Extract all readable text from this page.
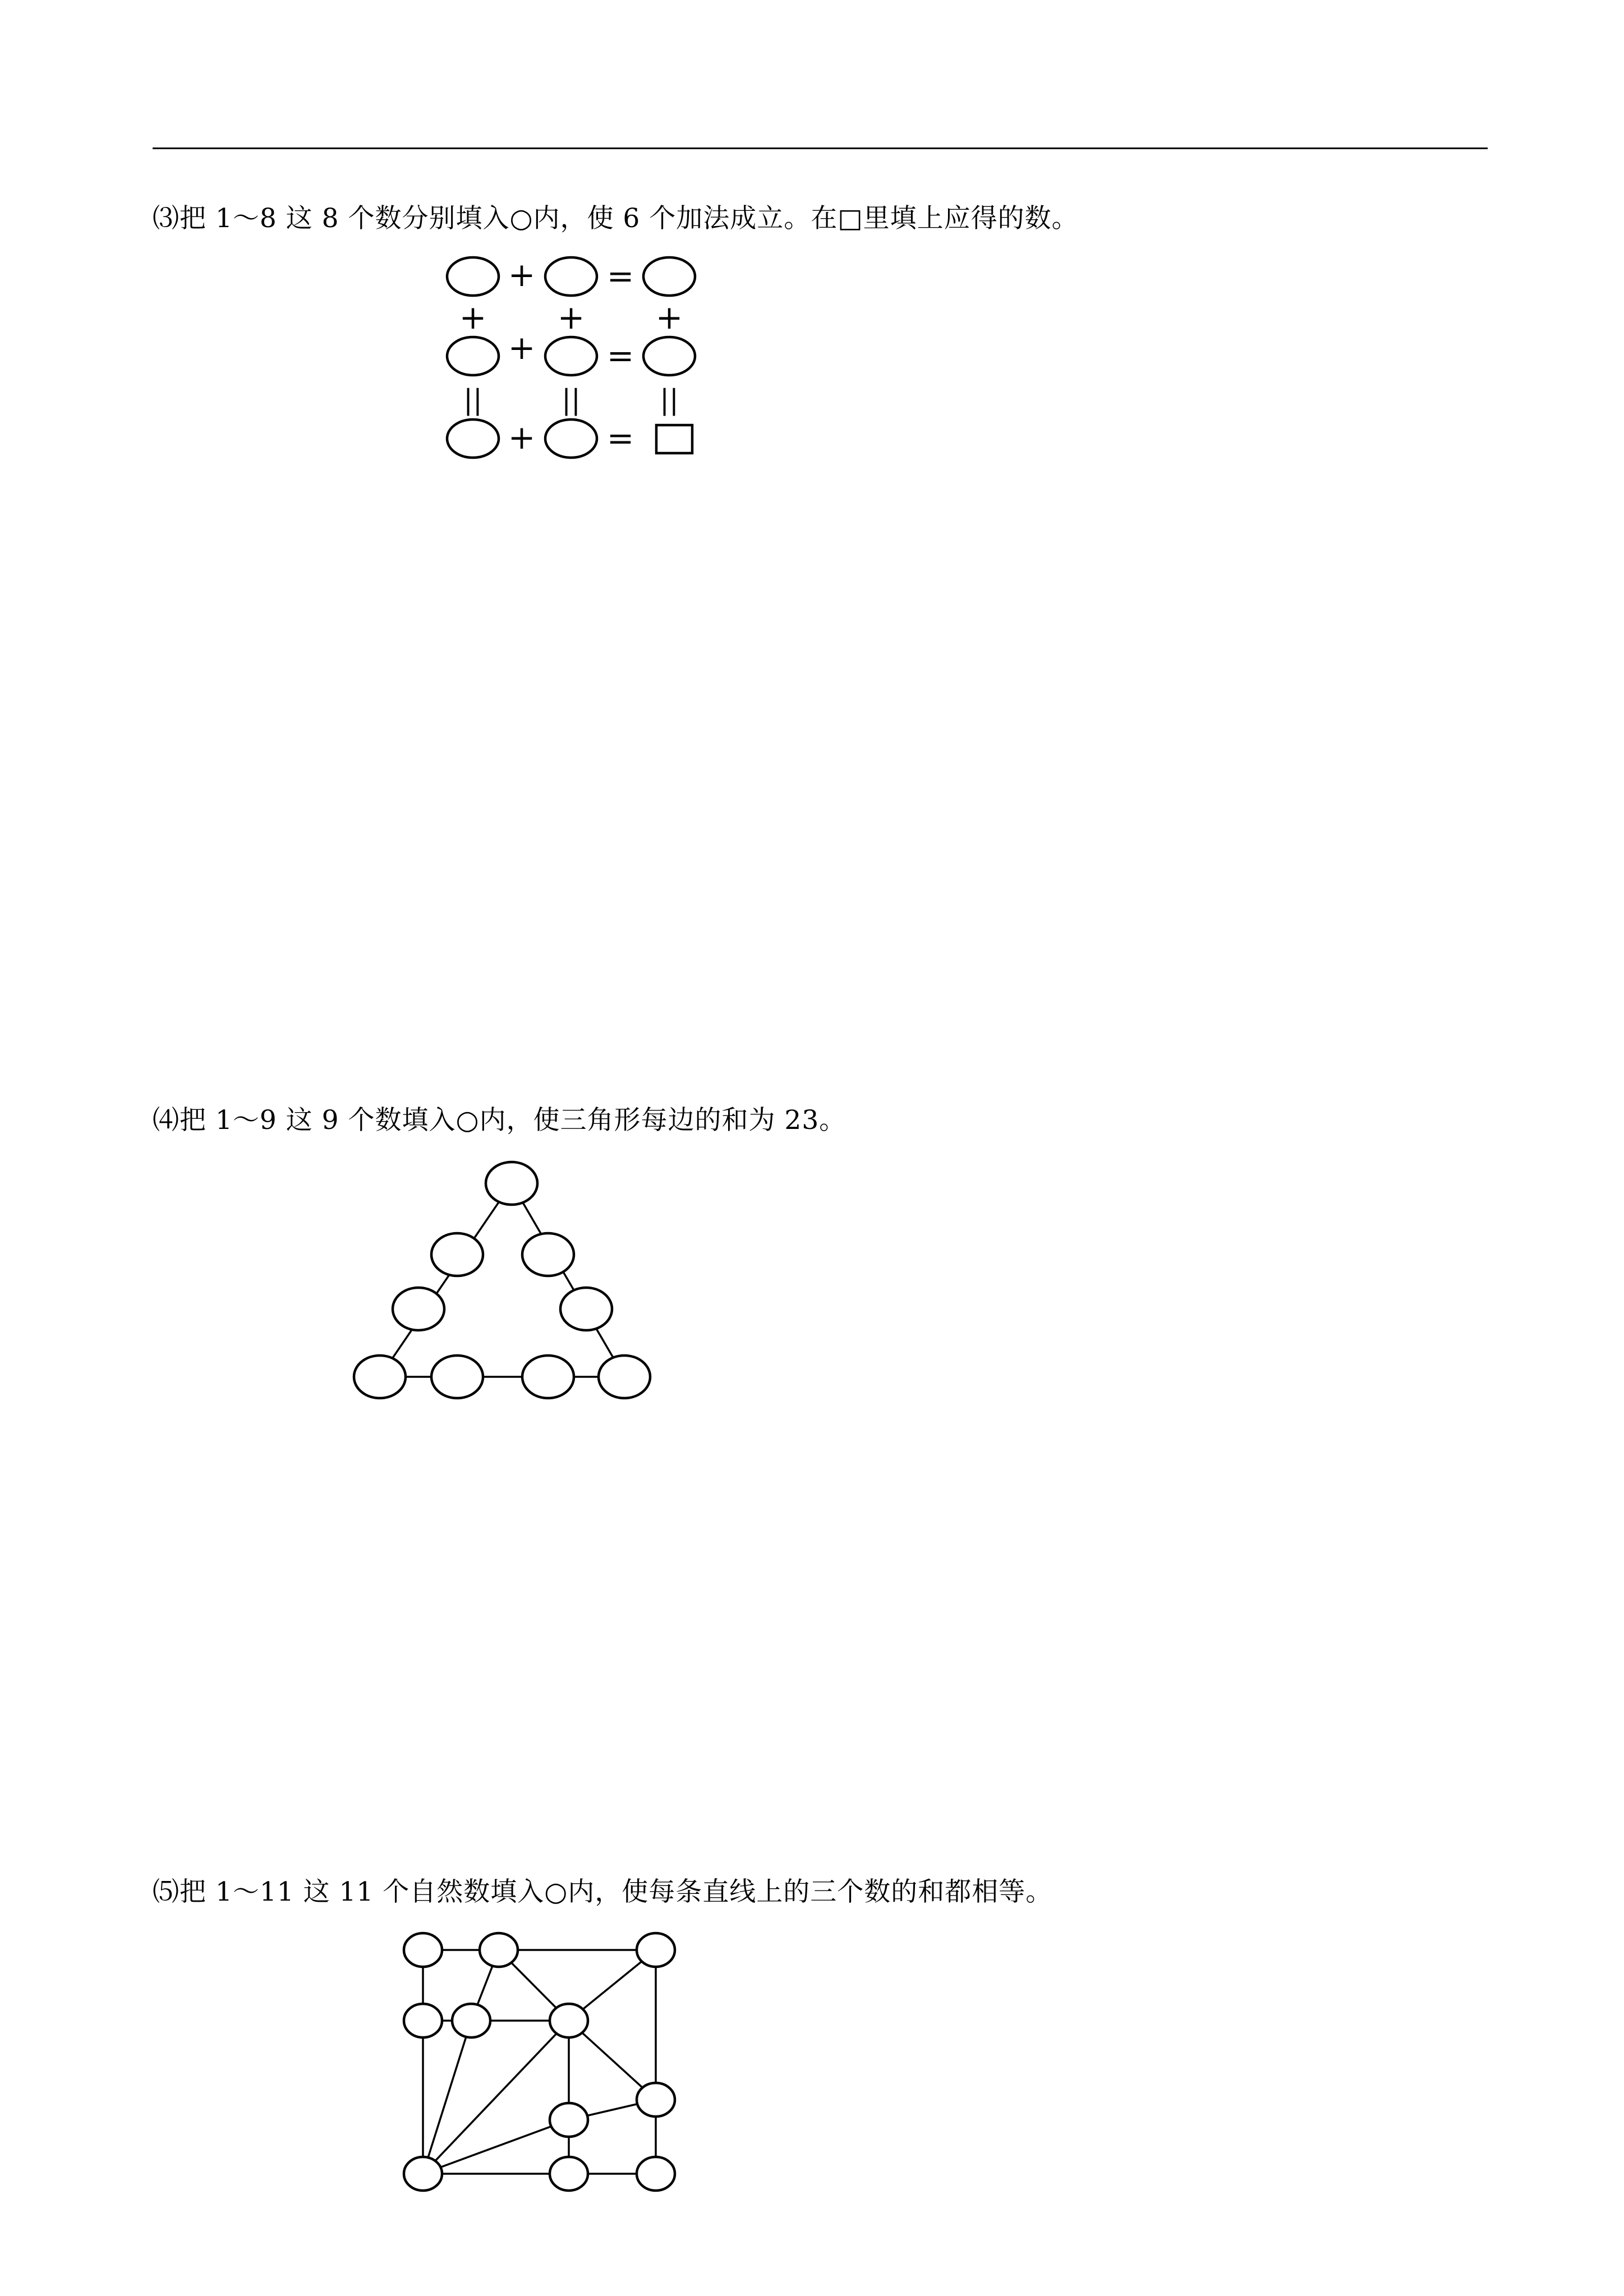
⑶把 1～8 这 8 个数分别填入○内，使 6 个加法成立。在□里填上应得的数。
+ =
+ =
+ =
+ + +
||	||	||
⑷把 1～9 这 9 个数填入○内，使三角形每边的和为 23。
⑸把 1～11 这 11 个自然数填入○内，使每条直线上的三个数的和都相等。
